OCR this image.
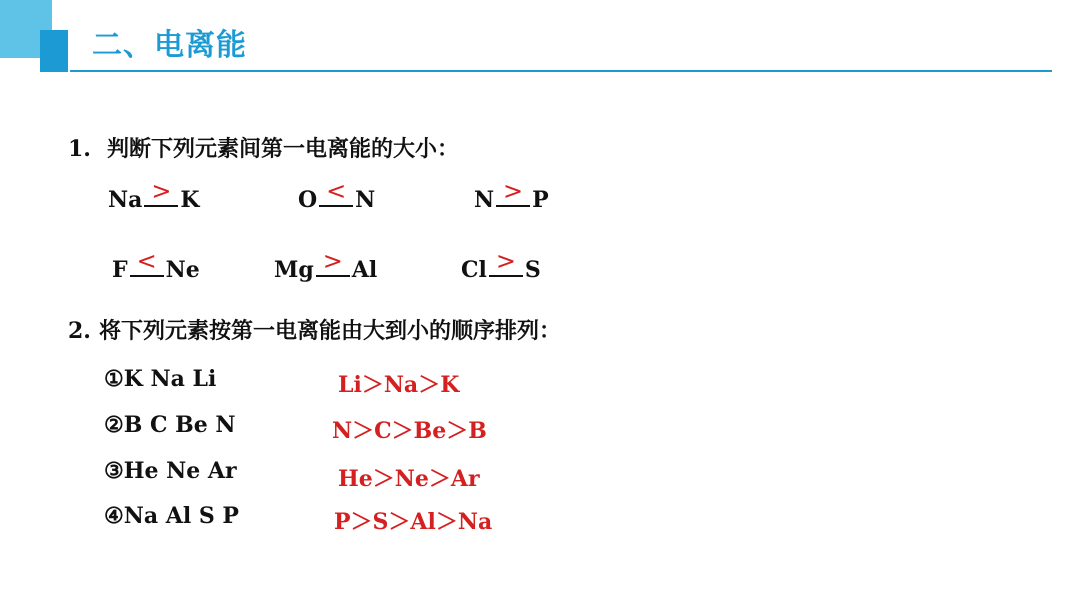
二、电离能
1. 判断下列元素间第一电离能的大小：
Na > K	O < N	N > P
F < Ne	Mg > Al	Cl > S
2. 将下列元素按第一电离能由大到小的顺序排列：
①K Na Li	Li＞Na＞K
②B C Be N	N＞C＞Be＞B
③He Ne Ar	He＞Ne＞Ar
④Na Al S P	P＞S＞Al＞Na
